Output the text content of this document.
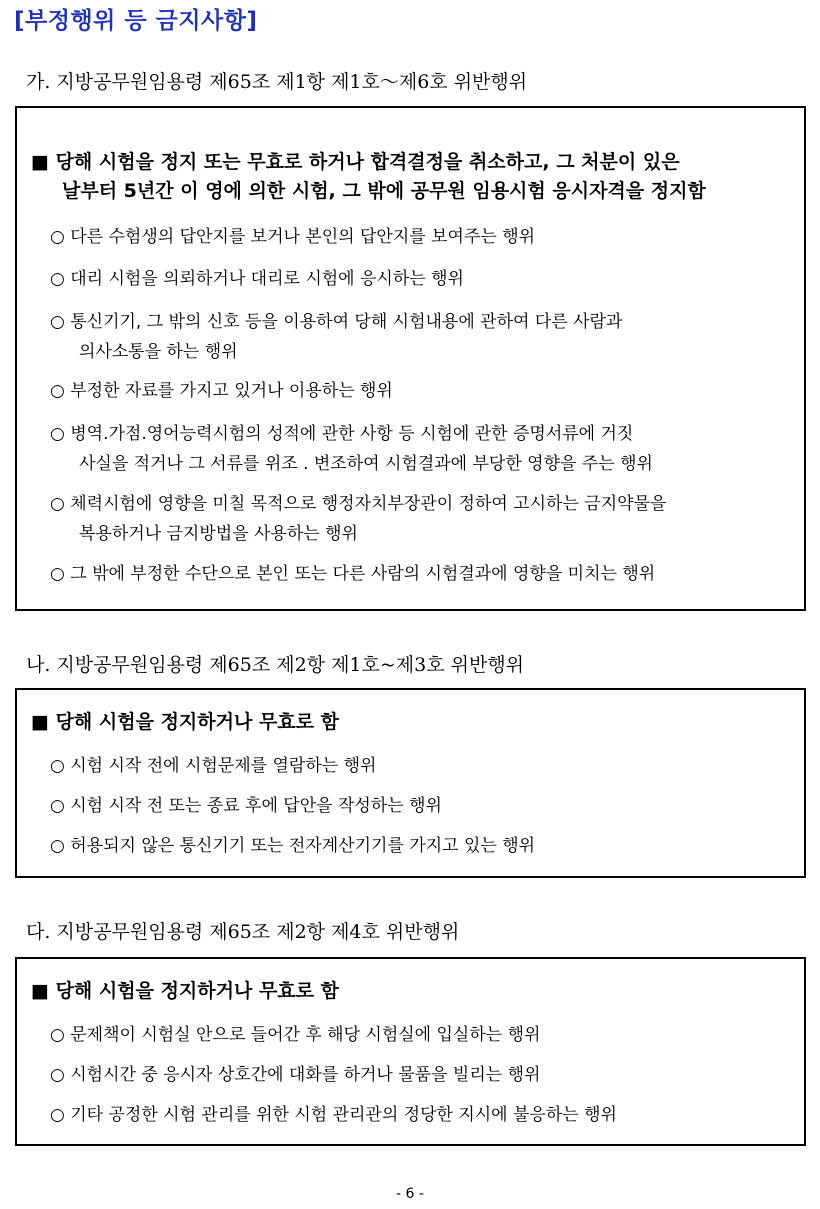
[부정행위 등 금지사항]
가. 지방공무원임용령 제65조 제1항 제1호～제6호 위반행위
■ 당해 시험을 정지 또는 무효로 하거나 합격결정을 취소하고, 그 처분이 있은
날부터 5년간 이 영에 의한 시험, 그 밖에 공무원 임용시험 응시자격을 정지함
○ 다른 수험생의 답안지를 보거나 본인의 답안지를 보여주는 행위
○ 대리 시험을 의뢰하거나 대리로 시험에 응시하는 행위
○ 통신기기, 그 밖의 신호 등을 이용하여 당해 시험내용에 관하여 다른 사람과
의사소통을 하는 행위
○ 부정한 자료를 가지고 있거나 이용하는 행위
○ 병역.가점.영어능력시험의 성적에 관한 사항 등 시험에 관한 증명서류에 거짓
사실을 적거나 그 서류를 위조 . 변조하여 시험결과에 부당한 영향을 주는 행위
○ 체력시험에 영향을 미칠 목적으로 행정자치부장관이 정하여 고시하는 금지약물을
복용하거나 금지방법을 사용하는 행위
○ 그 밖에 부정한 수단으로 본인 또는 다른 사람의 시험결과에 영향을 미치는 행위
나. 지방공무원임용령 제65조 제2항 제1호~제3호 위반행위
■ 당해 시험을 정지하거나 무효로 함
○ 시험 시작 전에 시험문제를 열람하는 행위
○ 시험 시작 전 또는 종료 후에 답안을 작성하는 행위
○ 허용되지 않은 통신기기 또는 전자계산기기를 가지고 있는 행위
다. 지방공무원임용령 제65조 제2항 제4호 위반행위
■ 당해 시험을 정지하거나 무효로 함
○ 문제책이 시험실 안으로 들어간 후 해당 시험실에 입실하는 행위
○ 시험시간 중 응시자 상호간에 대화를 하거나 물품을 빌리는 행위
○ 기타 공정한 시험 관리를 위한 시험 관리관의 정당한 지시에 불응하는 행위
- 6 -
